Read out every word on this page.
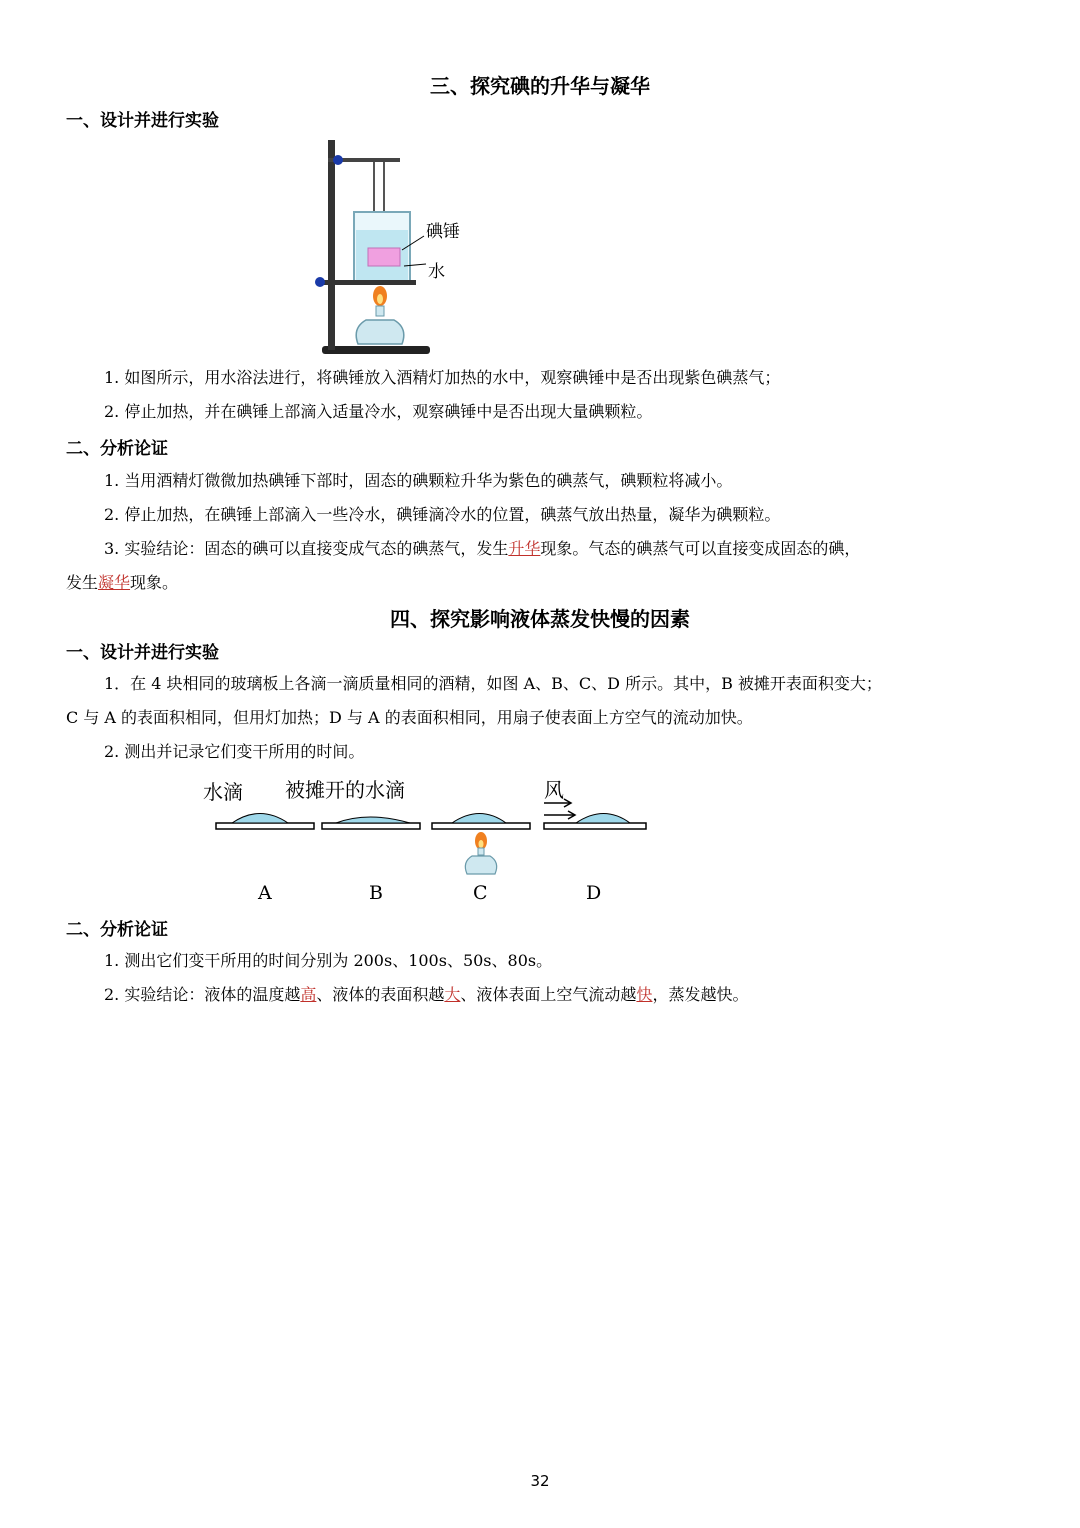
三、探究碘的升华与凝华
一、设计并进行实验
碘锤
水
1. 如图所示，用水浴法进行，将碘锤放入酒精灯加热的水中，观察碘锤中是否出现紫色碘蒸气；
2. 停止加热，并在碘锤上部滴入适量冷水，观察碘锤中是否出现大量碘颗粒。
二、分析论证
1. 当用酒精灯微微加热碘锤下部时，固态的碘颗粒升华为紫色的碘蒸气，碘颗粒将减小。
2. 停止加热，在碘锤上部滴入一些冷水，碘锤滴冷水的位置，碘蒸气放出热量，凝华为碘颗粒。
3. 实验结论：固态的碘可以直接变成气态的碘蒸气，发生升华现象。气态的碘蒸气可以直接变成固态的碘，
发生凝华现象。
四、探究影响液体蒸发快慢的因素
一、设计并进行实验
1．在 4 块相同的玻璃板上各滴一滴质量相同的酒精，如图 A、B、C、D 所示。其中，B 被摊开表面积变大；
C 与 A 的表面积相同，但用灯加热；D 与 A 的表面积相同，用扇子使表面上方空气的流动加快。
2. 测出并记录它们变干所用的时间。
水滴 被摊开的水滴	风
A	B	C	D
二、分析论证
1. 测出它们变干所用的时间分别为 200s、100s、50s、80s。
2. 实验结论：液体的温度越高、液体的表面积越大、液体表面上空气流动越快，蒸发越快。
32
